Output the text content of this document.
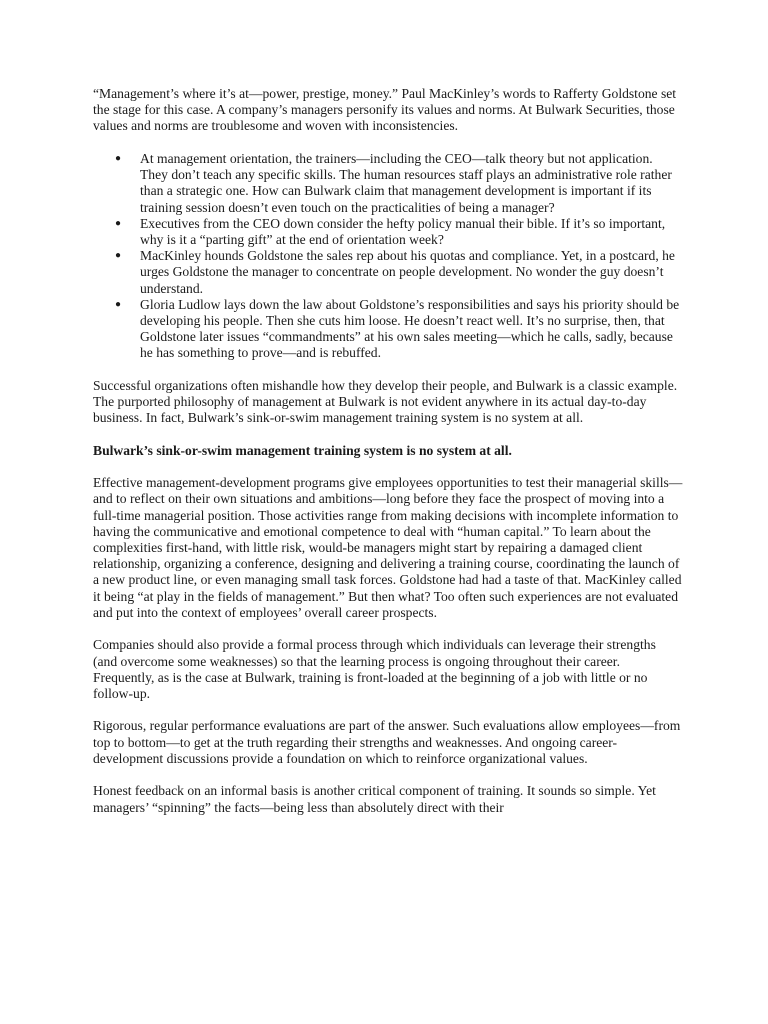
“Management’s where it’s at—power, prestige, money.” Paul MacKinley’s words to Rafferty Goldstone set the stage for this case. A company’s managers personify its values and norms. At Bulwark Securities, those values and norms are troublesome and woven with inconsistencies.

● At management orientation, the trainers—including the CEO—talk theory but not application. They don’t teach any specific skills. The human resources staff plays an administrative role rather than a strategic one. How can Bulwark claim that management development is important if its training session doesn’t even touch on the practicalities of being a manager?
● Executives from the CEO down consider the hefty policy manual their bible. If it’s so important, why is it a “parting gift” at the end of orientation week?
● MacKinley hounds Goldstone the sales rep about his quotas and compliance. Yet, in a postcard, he urges Goldstone the manager to concentrate on people development. No wonder the guy doesn’t understand.
● Gloria Ludlow lays down the law about Goldstone’s responsibilities and says his priority should be developing his people. Then she cuts him loose. He doesn’t react well. It’s no surprise, then, that Goldstone later issues “commandments” at his own sales meeting—which he calls, sadly, because he has something to prove—and is rebuffed.

Successful organizations often mishandle how they develop their people, and Bulwark is a classic example. The purported philosophy of management at Bulwark is not evident anywhere in its actual day-to-day business. In fact, Bulwark’s sink-or-swim management training system is no system at all.

Bulwark’s sink-or-swim management training system is no system at all.

Effective management-development programs give employees opportunities to test their managerial skills—and to reflect on their own situations and ambitions—long before they face the prospect of moving into a full-time managerial position. Those activities range from making decisions with incomplete information to having the communicative and emotional competence to deal with “human capital.” To learn about the complexities first-hand, with little risk, would-be managers might start by repairing a damaged client relationship, organizing a conference, designing and delivering a training course, coordinating the launch of a new product line, or even managing small task forces. Goldstone had had a taste of that. MacKinley called it being “at play in the fields of management.” But then what? Too often such experiences are not evaluated and put into the context of employees’ overall career prospects.

Companies should also provide a formal process through which individuals can leverage their strengths (and overcome some weaknesses) so that the learning process is ongoing throughout their career. Frequently, as is the case at Bulwark, training is front-loaded at the beginning of a job with little or no follow-up.

Rigorous, regular performance evaluations are part of the answer. Such evaluations allow employees—from top to bottom—to get at the truth regarding their strengths and weaknesses. And ongoing career-development discussions provide a foundation on which to reinforce organizational values.

Honest feedback on an informal basis is another critical component of training. It sounds so simple. Yet managers’ “spinning” the facts—being less than absolutely direct with their
